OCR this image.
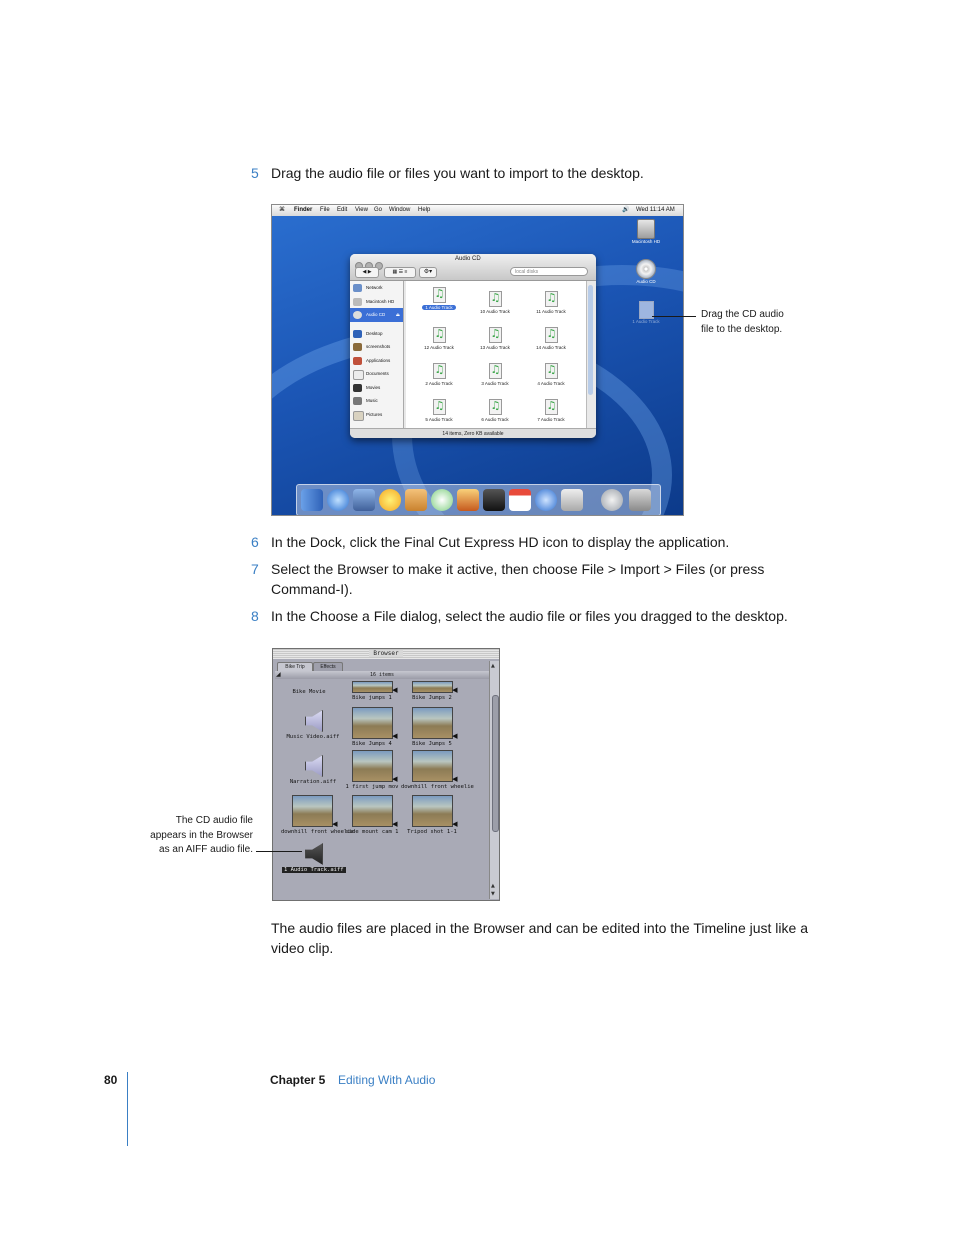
5 Drag the audio file or files you want to import to the desktop.
⌘ Finder File Edit View Go Window Help	🔊 Wed 11:14 AM
Macintosh HD
Audio CD
1 Audio Track
Audio CD
◀ ▶	▦ ☰ ≡	⚙▾	local disks
Network
Macintosh HD
Audio CD ⏏
Desktop
screenshots
Applications
Documents
Movies
Music
Pictures
♫
1 Audio Track
♫
10 Audio Track
♫	11 Audio Track
♫
12 Audio Track
♫	13 Audio Track
♫	14 Audio Track
♫
2 Audio Track
♫	3 Audio Track
♫	4 Audio Track
♫
5 Audio Track
♫	6 Audio Track
♫	7 Audio Track
14 items, Zero KB available
Drag the CD audio
file to the desktop.
6 In the Dock, click the Final Cut Express HD icon to display the application.
7 Select the Browser to make it active, then choose File > Import > Files (or press Command-I).
8 In the Choose a File dialog, select the audio file or files you dragged to the desktop.
Browser
Bike Trip	Effects
16 items
◢
Bike Movie	◀
Bike jumps 1
◀
Bike Jumps 2
Music Video.aiff	◀
Bike Jumps 4
◀
Bike Jumps 5
Narration.aiff	◀
1 first jump mov
◀
downhill front wheelie
◀
downhill front wheelie
◀
side mount cam 1
◀
Tripod shot 1-1
1 Audio Track.aiff
▲
▲
▼
The CD audio file
appears in the Browser
as an AIFF audio file.
The audio files are placed in the Browser and can be edited into the Timeline just like a video clip.
80	Chapter 5 Editing With Audio
